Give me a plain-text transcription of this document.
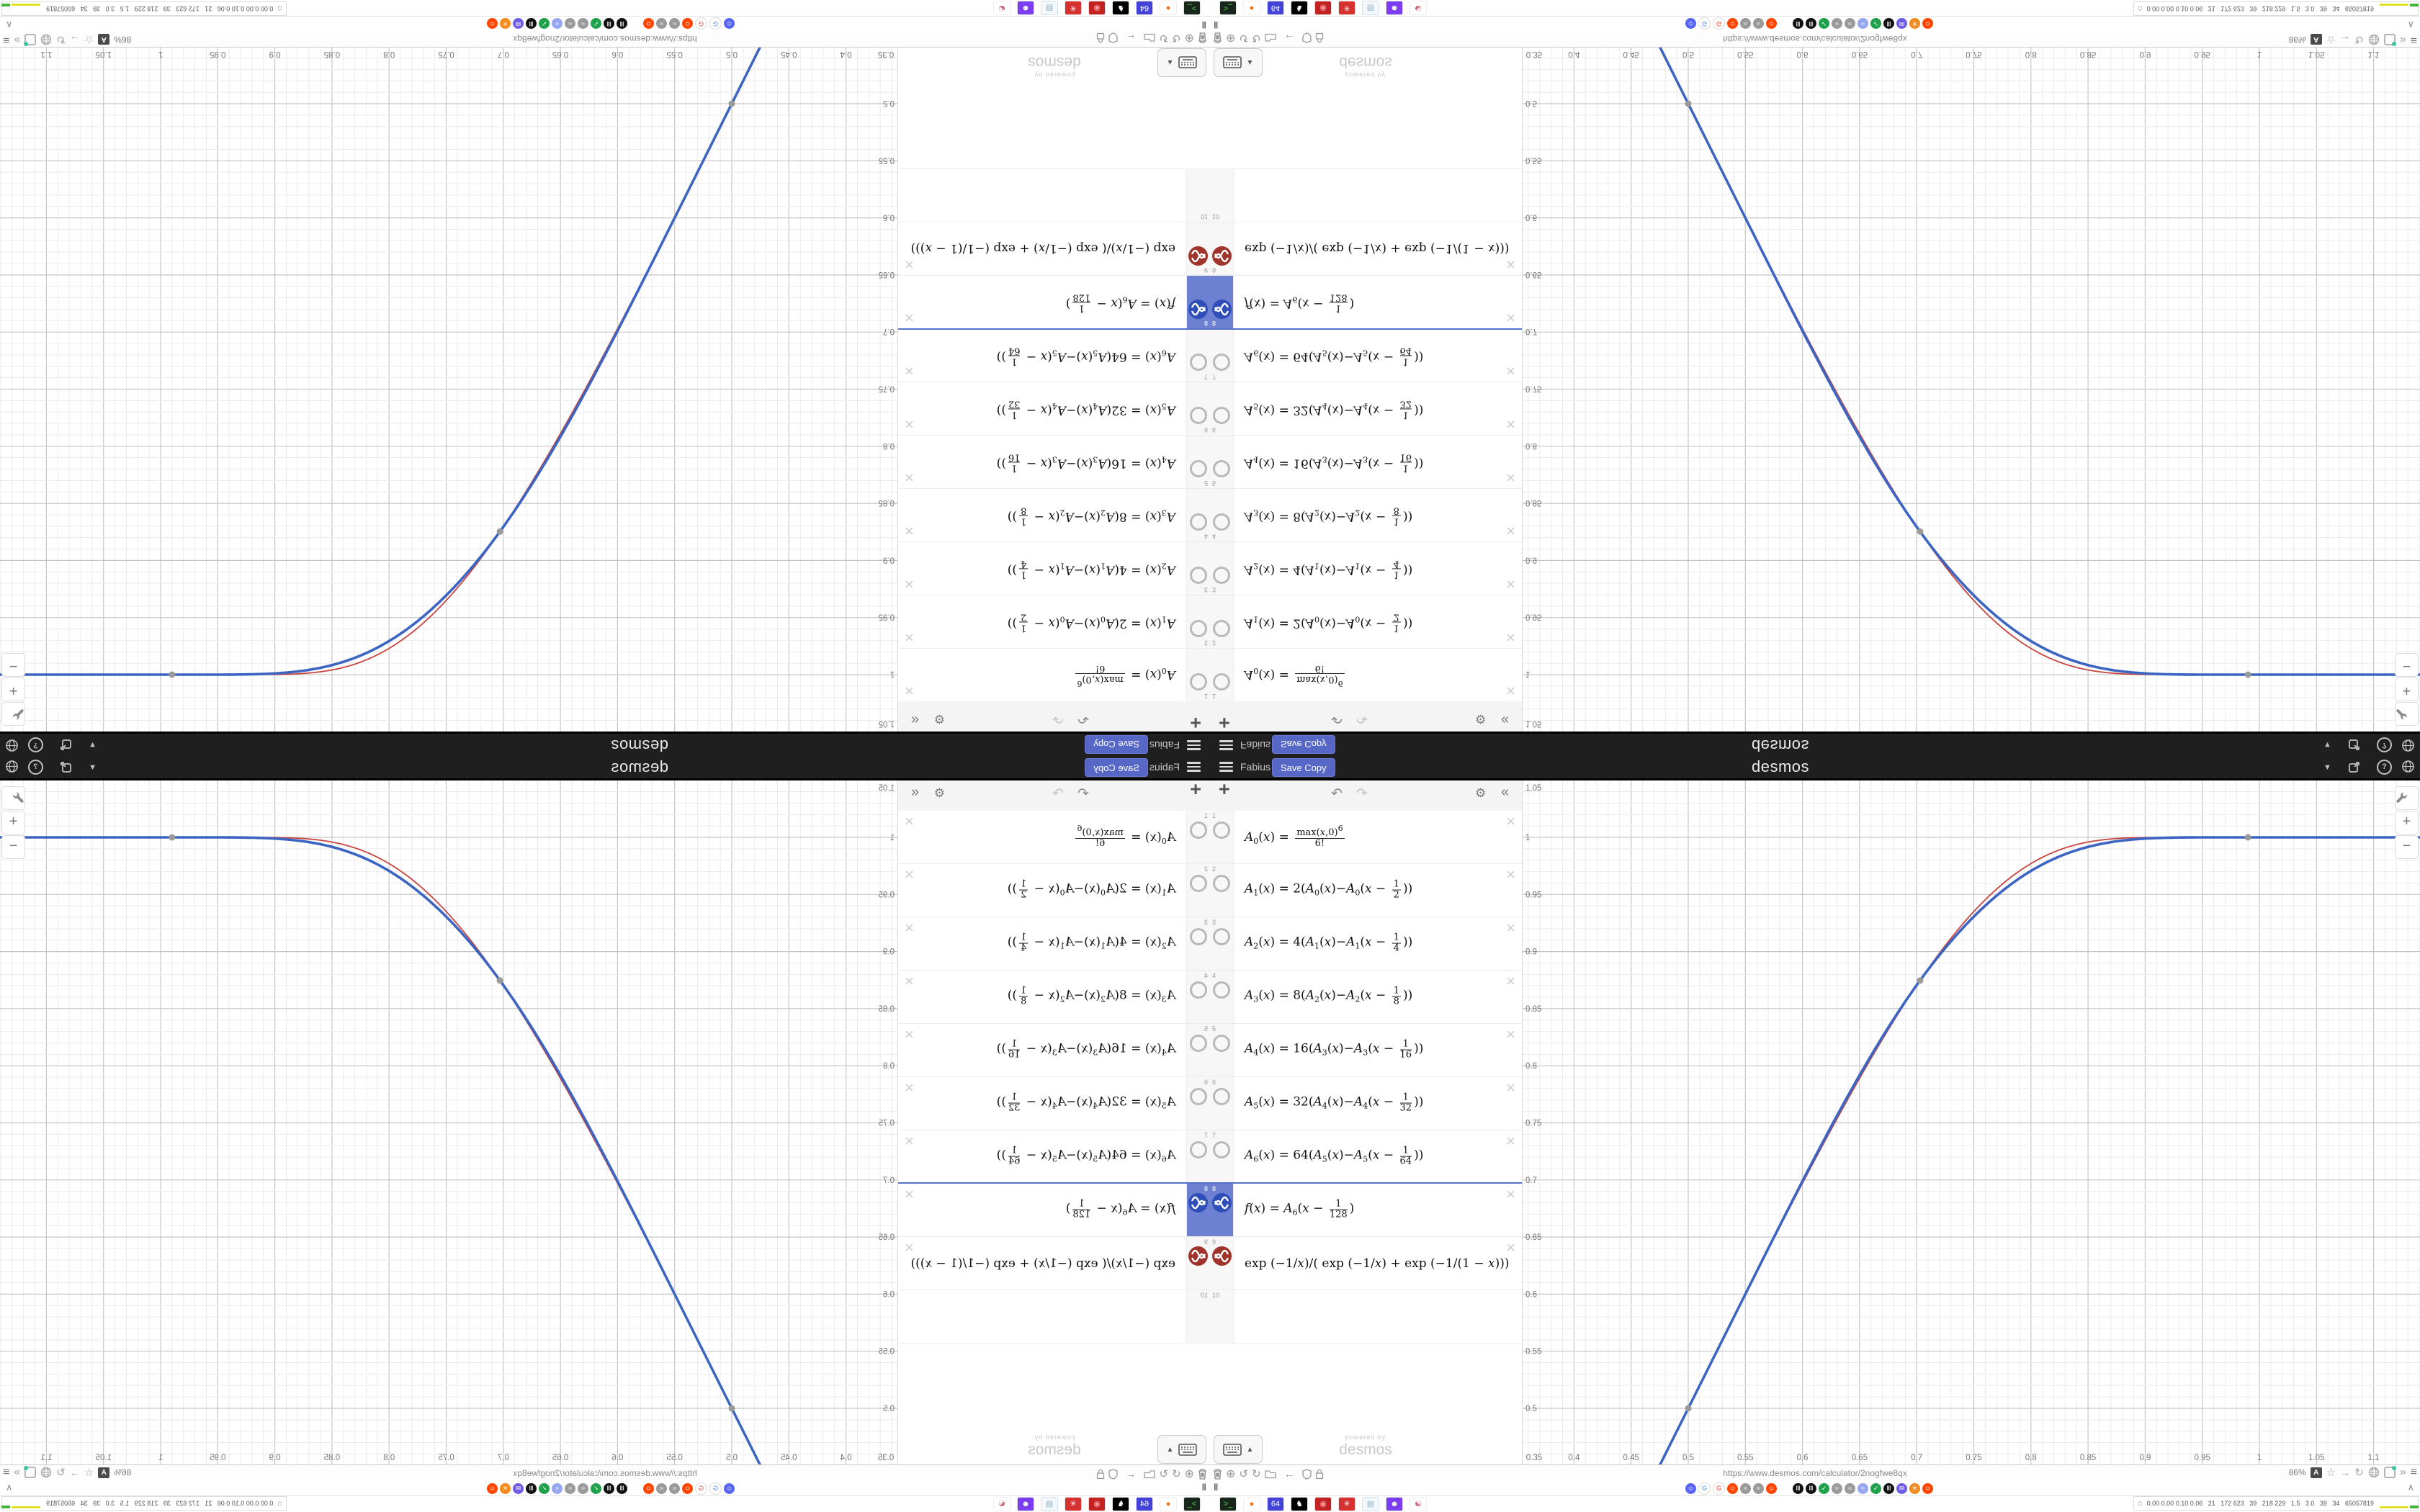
Fabius	Save Copy	desmos	▼	?
+	↶ ↷	⚙ «
1
$A_0(x) = \frac{\max(x,0)^6}{6!}$
×
2
$A_1(x) = 2(A_0(x)-A_0(x - \frac{1}{2}$ ))
×
3
$A_2(x) = 4(A_1(x)-A_1(x - \frac{1}{4}$ ))
×
4
$A_3(x) = 8(A_2(x)-A_2(x - \frac{1}{8}$ ))
×
5
$A_4(x) = 16(A_3(x)-A_3(x - \frac{1}{16}$ ))
×
6
$A_5(x) = 32(A_4(x)-A_4(x - \frac{1}{32}$ ))
×
7
$A_6(x) = 64(A_5(x)-A_5(x - \frac{1}{64}$ ))
×
8
$f(x) = A_6(x - \frac{1}{128}$ )
×
9
exp (−1/x)/( exp (−1/x) + exp (−1/(1 − x)))
×
10
▲
powered by
desmos	0.35	0.4	0.45	0.5	0.55	0.6	0.65	0.7	0.75	0.8	0.85	0.9	0.95	1	1.05	1.1
0.5
0.55
0.6
0.65
0.7
0.75
0.8
0.85
0.9
0.95
1
1.05
+
−
⊕ ↺ ↻ ←	https://www.desmos.com/calculator/2nogfwe8qx	86%	A ☆ → ↻	» ≡
‖	☺	G	G	☺	≈	≈	☺	Ⅲ	Ⅲ	✓	≈	≈	≈	✓	Ⅲ	✉	✳	☺	∧
>_	●	64	♞	◉	✳	▤	☻	☯	⌂ 0.00 0.00 0.10 0.06   21   172 623   39   218 229   1.5   3.0   39   34   65057819
Fabius
Save Copy
desmos
▼
?
+
↶
↷
⚙
«
1
$A_0(x)$ =
$\max(x,0)^6$
6!
×
2
$A_1(x) = 2(A_0(x)-A_0(x$ −
1
2
))
×
3
$A_2(x) = 4(A_1(x)-A_1(x$ −
1
4
))
×
4
$A_3(x) = 8(A_2(x)-A_2(x$ −
1
8
))
×
5
$A_4(x) = 16(A_3(x)-A_3(x$ −
1
16
))
×
6
$A_5(x) = 32(A_4(x)-A_4(x$ −
1
32
))
×
7
$A_6(x) = 64(A_5(x)-A_5(x$ −
1
64
))
×
8
$f(x) = A_6(x$ −
1
128
)
×
9
exp (−1/x)/( exp (−1/x) + exp (−1/(1 − x)))
×
10
▲
powered by
desmos
0.35
0.4
0.45
0.5
0.55
0.6
0.65
0.7
0.75
0.8
0.85
0.9
0.95
1
1.05
1.1
0.5
0.55
0.6
0.65
0.7
0.75
0.8
0.85
0.9
0.95
1
1.05
+
−
⊕
↺
↻
←
https://www.desmos.com/calculator/2nogfwe8qx
86%
A
☆
→
↻
»
≡
‖
☺
G
G
☺
≈
≈
☺
Ⅲ
Ⅲ
✓
≈
≈
≈
✓
Ⅲ
✉
✳
☺
∧
>_
●
64
♞
◉
✳
▤
☻
☯
⌂
0.00 0.00 0.10 0.06   21   172 623   39   218 229   1.5   3.0   39   34   65057819
Fabius	Save Copy	desmos	▼	?
+	↶ ↷	⚙ «
1
$A_0(x) = \max(x,0)^6$
6!
×
2
$A_1(x) = 2(A_0(x)-A_0(x - 1$
2 ))
×
3
$A_2(x) = 4(A_1(x)-A_1(x - 1$
4 ))
×
4
$A_3(x) = 8(A_2(x)-A_2(x - 1$
8 ))
×
5
$A_4(x) = 16(A_3(x)-A_3(x - 1$
16 ))
×
6
$A_5(x) = 32(A_4(x)-A_4(x - 1$
32 ))
×
7
$A_6(x) = 64(A_5(x)-A_5(x - 1$
64 ))
×
8
$f(x) = A_6(x$ −	1
128 )
×
9
exp (−1/x)/( exp (−1/x) + exp (−1/(1 − x)))
×
10
▲
powered by
desmos	0.35	0.4	0.45	0.5	0.55	0.6	0.65	0.7	0.75	0.8	0.85	0.9	0.95	1	1.05	1.1
0.5
0.55
0.6
0.65
0.7
0.75
0.8
0.85
0.9
0.95
1
1.05
+
−
⊕ ↺ ↻ ←	https://www.desmos.com/calculator/2nogfwe8qx	86%	A ☆ → ↻	» ≡
‖	☺	G	G	☺	≈	≈	☺	Ⅲ	Ⅲ	✓	≈	≈	≈	✓	Ⅲ	✉	✳	☺	∧
>_	●	64	♞	◉	✳	▤	☻	☯	⌂ 0.00 0.00 0.10 0.06   21   172 623   39   218 229   1.5   3.0   39   34   65057819
Fabius
Save Copy
desmos
▼
?
+
↶
↷
⚙
«
1
$A_0(x)$ =
$\frac{\max(x,0)^6}{6!}$
×
2
$A_1(x) = 2(A_0(x)-A_0(x$ −
$\frac{1}{2}$
))
×
3
$A_2(x) = 4(A_1(x)-A_1(x$ −
$\frac{1}{4}$
))
×
4
$A_3(x) = 8(A_2(x)-A_2(x$ −
$\frac{1}{8}$
))
×
5
$A_4(x) = 16(A_3(x)-A_3(x$ −
$\frac{1}{16}$
))
×
6
$A_5(x) = 32(A_4(x)-A_4(x$ −
$\frac{1}{32}$
))
×
7
$A_6(x) = 64(A_5(x)-A_5(x$ −
$\frac{1}{64}$
))
×
8
$f(x) = A_6(x$ −
$\frac{1}{128}$
)
×
9
exp (−1/x)/( exp (−1/x) + exp (−1/(1 − x)))
×
10
▲
powered by
desmos
0.35
0.4
0.45
0.5
0.55
0.6
0.65
0.7
0.75
0.8
0.85
0.9
0.95
1
1.05
1.1
0.5
0.55
0.6
0.65
0.7
0.75
0.8
0.85
0.9
0.95
1
1.05
+
−
⊕
↺
↻
←
https://www.desmos.com/calculator/2nogfwe8qx
86%
A
☆
→
↻
»
≡
‖
☺
G
G
☺
≈
≈
☺
Ⅲ
Ⅲ
✓
≈
≈
≈
✓
Ⅲ
✉
✳
☺
∧
>_
●
64
♞
◉
✳
▤
☻
☯
⌂
0.00 0.00 0.10 0.06   21   172 623   39   218 229   1.5   3.0   39   34   65057819
